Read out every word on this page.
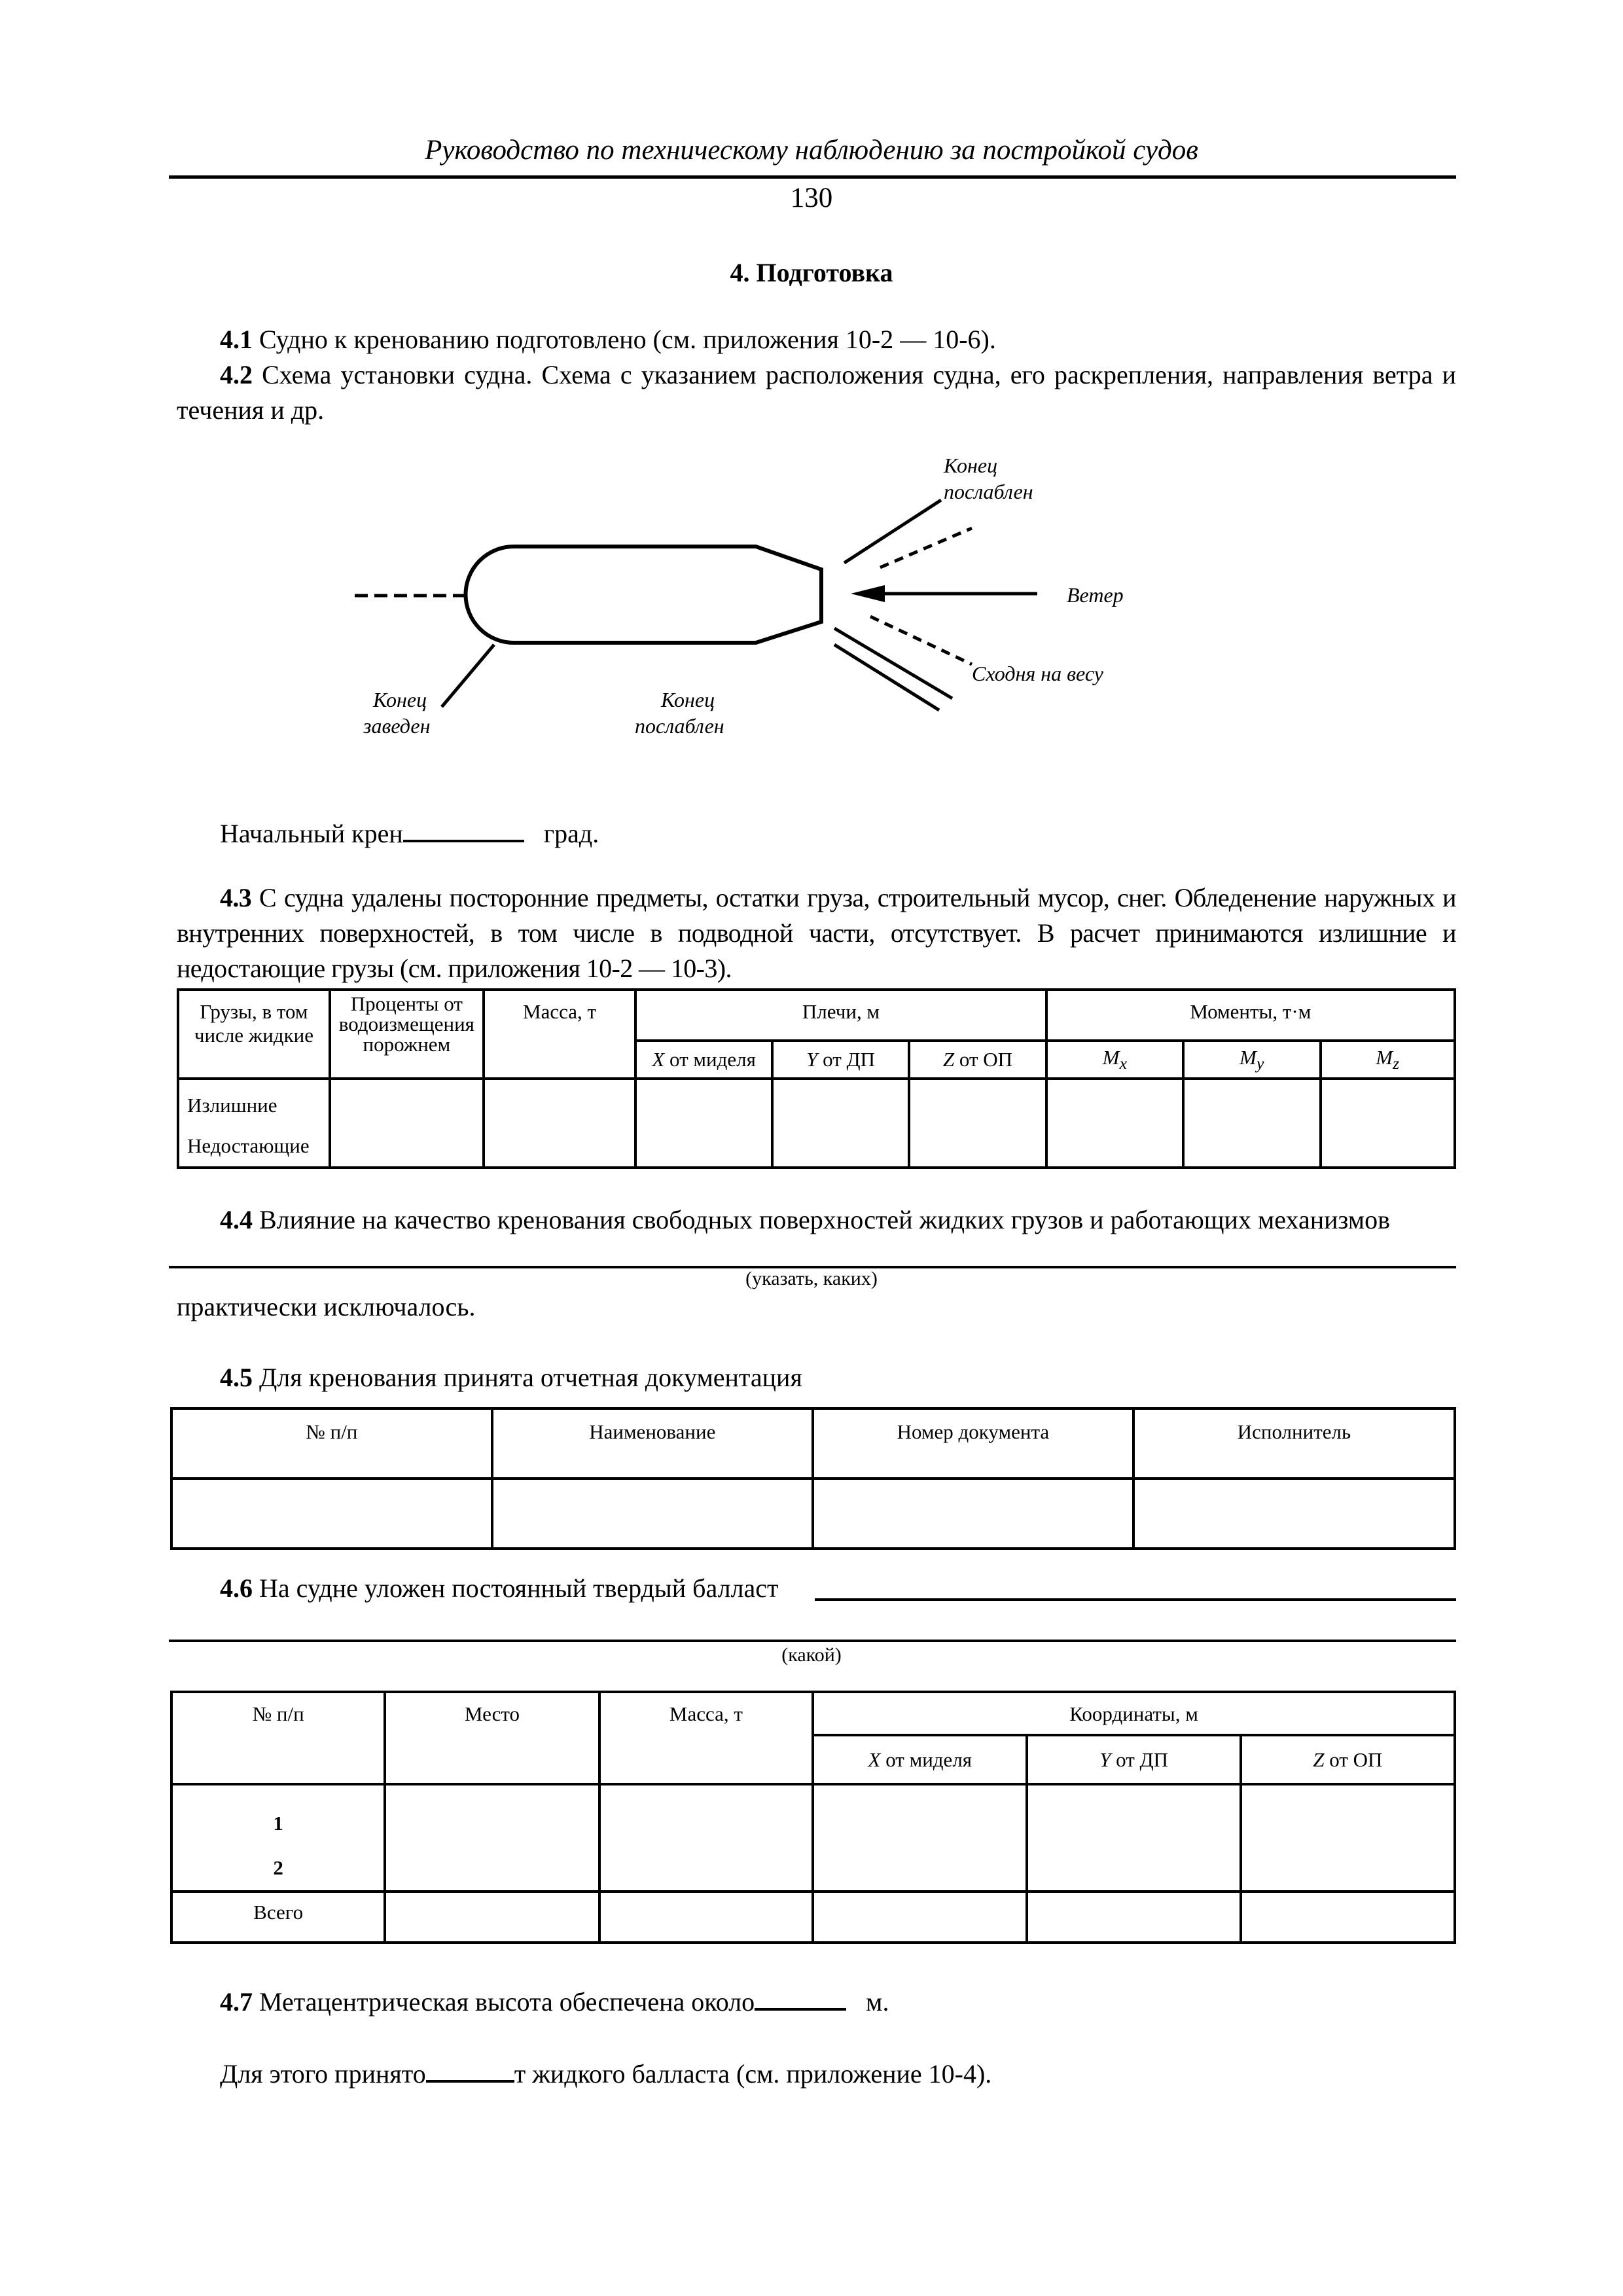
Руководство по техническому наблюдению за постройкой судов
130
4. Подготовка
4.1 Судно к кренованию подготовлено (см. приложения 10-2 — 10-6).
4.2 Схема установки судна. Схема с указанием расположения судна, его раскрепления, направления ветра и течения и др.
Конец
послаблен
Ветер
Сходня на весу
Конец
заведен
Конец
послаблен
Начальный крен	град.
4.3 С судна удалены посторонние предметы, остатки груза, строительный мусор, снег. Обледенение наружных и внутренних поверхностей, в том числе в подводной части, отсутствует. В расчет принимаются излишние и недостающие грузы (см. приложения 10-2 — 10-3).
Грузы, в том числе жидкие	Проценты от водоизмещения порожнем	Масса, т	Плечи, м			Моменты, т·м		
			X от миделя	Y от ДП	Z от ОП	$M_x$	$M_y$	$M_z$

Излишние
Недостающие								

4.4 Влияние на качество кренования свободных поверхностей жидких грузов и работающих механизмов
(указать, каких)
практически исключалось.
4.5 Для кренования принята отчетная документация
№ п/п	Наименование	Номер документа	Исполнитель

4.6 На судне уложен постоянный твердый балласт
(какой)
№ п/п	Место	Масса, т	Координаты, м		
			X от миделя	Y от ДП	Z от ОП

1
2					

Всего					
4.7 Метацентрическая высота обеспечена около	м.
Для этого принято	т жидкого балласта (см. приложение 10-4).
